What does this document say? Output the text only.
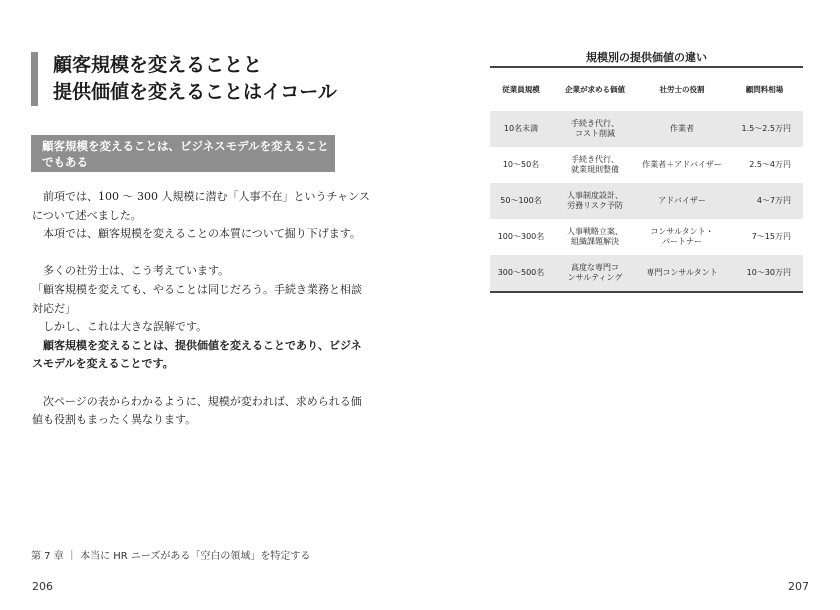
顧客規模を変えることと
提供価値を変えることはイコール
顧客規模を変えることは、ビジネスモデルを変えること
でもある
　前項では、100 ～ 300 人規模に潜む「人事不在」というチャンス
について述べました。
　本項では、顧客規模を変えることの本質について掘り下げます。
　多くの社労士は、こう考えています。
「顧客規模を変えても、やることは同じだろう。手続き業務と相談
対応だ」
　しかし、これは大きな誤解です。
　顧客規模を変えることは、提供価値を変えることであり、ビジネ
スモデルを変えることです。
　次ページの表からわかるように、規模が変われば、求められる価
値も役割もまったく異なります。
第 7 章 ｜ 本当に HR ニーズがある「空白の領域」を特定する
206
規模別の提供価値の違い
従業員規模	企業が求める価値	社労士の役割	顧問料相場
10名未満	手続き代行、
コスト削減	作業者	1.5～2.5万円
10～50名	手続き代行、
就業規則整備	作業者＋アドバイザー	2.5～4万円
50～100名	人事制度設計、
労務リスク予防	アドバイザー	4～7万円
100～300名	人事戦略立案、
組織課題解決	コンサルタント・
パートナー	7～15万円
300～500名	高度な専門コ
ンサルティング	専門コンサルタント	10～30万円
207
